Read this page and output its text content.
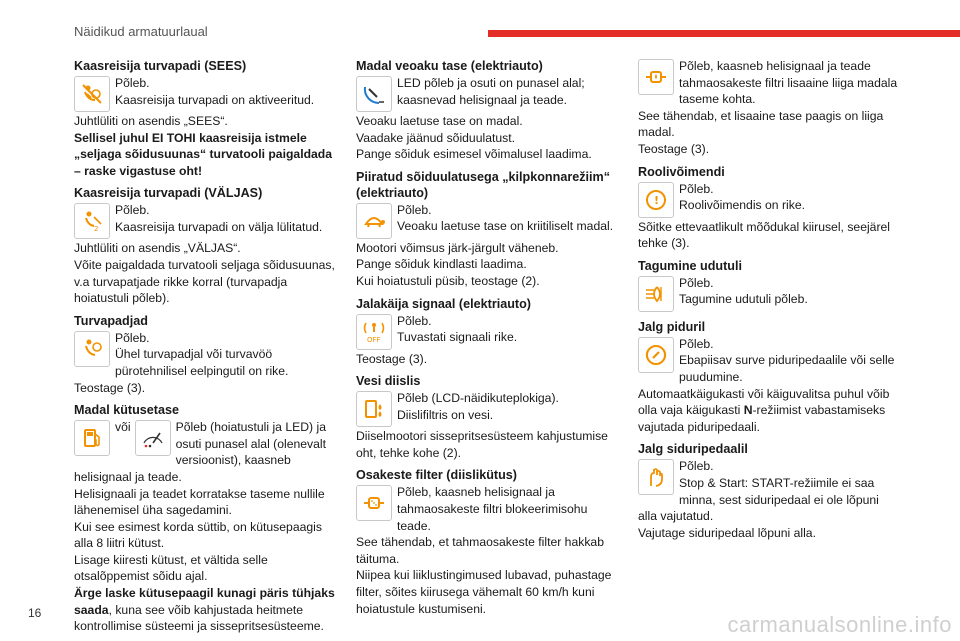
Näidikud armatuurlaual
Kaasreisija turvapadi (SEES)
Põleb.
Kaasreisija turvapadi on aktiveeritud.
Juhtlüliti on asendis „SEES“.
Sellisel juhul EI TOHI kaasreisija istmele „seljaga sõidusuunas“ turvatooli paigaldada – raske vigastuse oht!
Kaasreisija turvapadi (VÄLJAS)
2
Põleb.
Kaasreisija turvapadi on välja lülitatud.
Juhtlüliti on asendis „VÄLJAS“.
Võite paigaldada turvatooli seljaga sõidusuunas, v.a turvapatjade rikke korral (turvapadja hoiatustuli põleb).
Turvapadjad
Põleb.
Ühel turvapadjal või turvavöö pürotehnilisel eelpingutil on rike.
Teostage (3).
Madal kütusetase
või	Põleb (hoiatustuli ja LED) ja osuti punasel alal (olenevalt versioonist), kaasneb helisignaal ja teade.
Helisignaali ja teadet korratakse taseme nullile lähenemisel üha sagedamini.
Kui see esimest korda süttib, on kütusepaagis alla 8 liitri kütust.
Lisage kiiresti kütust, et vältida selle otsalõppemist sõidu ajal.
Ärge laske kütusepaagil kunagi päris tühjaks saada, kuna see võib kahjustada heitmete kontrollimise süsteemi ja sissepritsesüsteeme.
Madal veoaku tase (elektriauto)
LED põleb ja osuti on punasel alal; kaasnevad helisignaal ja teade.
Veoaku laetuse tase on madal.
Vaadake jäänud sõiduulatust.
Pange sõiduk esimesel võimalusel laadima.
Piiratud sõiduulatusega „kilpkonnarežiim“ (elektriauto)
Põleb.
Veoaku laetuse tase on kriitiliselt madal.
Mootori võimsus järk-järgult väheneb.
Pange sõiduk kindlasti laadima.
Kui hoiatustuli püsib, teostage (2).
Jalakäija signaal (elektriauto)
OFF
Põleb.
Tuvastati signaali rike.
Teostage (3).
Vesi diislis
Põleb (LCD-näidikuteplokiga).
Diislifiltris on vesi.
Diiselmootori sissepritsesüsteem kahjustumise oht, tehke kohe (2).
Osakeste filter (diislikütus)
Põleb, kaasneb helisignaal ja tahmaosakeste filtri blokeerimisohu teade.
See tähendab, et tahmaosakeste filter hakkab täituma.
Niipea kui liiklustingimused lubavad, puhastage filter, sõites kiirusega vähemalt 60 km/h kuni hoiatustule kustumiseni.
Põleb, kaasneb helisignaal ja teade tahmaosakeste filtri lisaaine liiga madala taseme kohta.
See tähendab, et lisaaine tase paagis on liiga madal.
Teostage (3).
Roolivõimendi
!
Põleb.
Roolivõimendis on rike.
Sõitke ettevaatlikult mõõdukal kiirusel, seejärel tehke (3).
Tagumine udutuli
Põleb.
Tagumine udutuli põleb.
Jalg piduril
Põleb.
Ebapiisav surve piduripedaalile või selle puudumine.
Automaatkäigukasti või käiguvalitsa puhul võib olla vaja käigukasti N-režiimist vabastamiseks vajutada piduripedaali.
Jalg siduripedaalil
Põleb.
Stop & Start: START-režiimile ei saa minna, sest siduripedaal ei ole lõpuni alla vajutatud.
Vajutage siduripedaal lõpuni alla.
16	carmanualsonline.info
